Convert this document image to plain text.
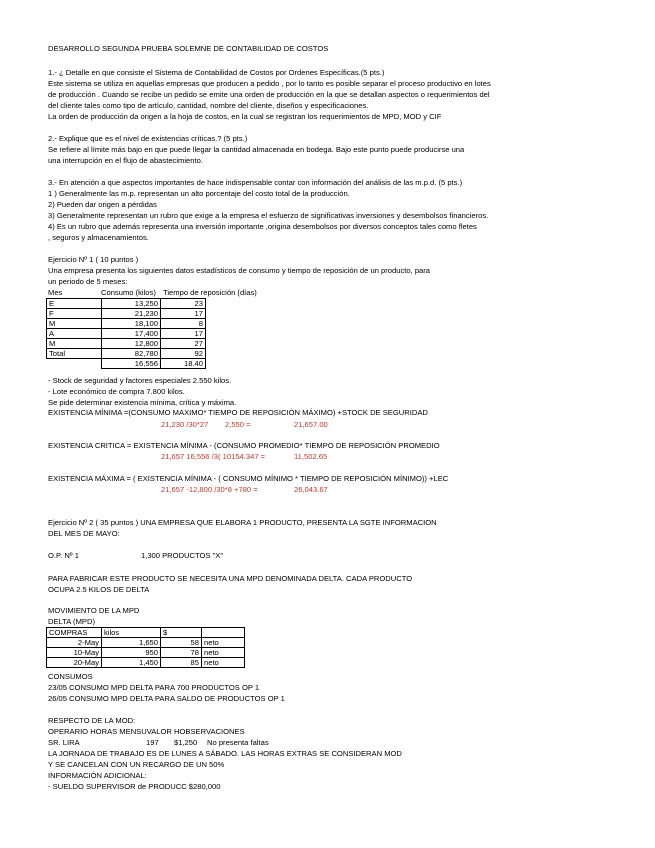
DESARROLLO SEGUNDA PRUEBA SOLEMNE DE CONTABILIDAD DE COSTOS
1.- ¿ Detalle en que consiste el Sistema de Contabilidad de Costos por Ordenes Específicas.(5 pts.)
Este sistema se utiliza en aquellas empresas que producen a pedido , por lo tanto es posible separar el proceso productivo en lotes
de producción . Cuando se recibe un pedido se emite una orden de producción en la que se detallan aspectos o requerimientos del
del cliente tales como tipo de artículo, cantidad, nombre del cliente, diseños y especificaciones.
La orden de producción da origen a la hoja de costos, en la cual se registran los requerimientos de MPD, MOD y CIF
2.- Explique que es el nivel de existencias críticas.? (5 pts.)
Se refiere al límite más bajo en que puede llegar la cantidad almacenada en bodega. Bajo este punto puede producirse una
una interrupción en el flujo de abastecimiento.
3.- En atención a que aspectos importantes de hace indispensable contar con información del análisis de las m.p.d. (5 pts.)
1 ) Generalmente las m.p. representan un alto porcentaje del costo total de la producción.
2) Pueden dar origen a pérdidas
3) Generalmente representan un rubro que exige a la empresa el esfuerzo de significativas inversiones y desembolsos financieros.
4) Es un rubro que además representa una inversión importante ,origina desembolsos por diversos conceptos tales como fletes
, seguros y almacenamientos.
Ejercicio Nº 1 ( 10 puntos )
Una empresa presenta los siguientes datos estadísticos de consumo y tiempo de reposición de un producto, para
un periodo de 5 meses:
Mes	Consumo (kilos) Tiempo de reposición (días)
E	13,250	23
F	21,230	17
M	18,100	8
A	17,400	17
M	12,800	27
Total	82,780	92
	16,556	18.40
- Stock de seguridad y factores especiales 2.550 kilos.
- Lote económico de compra 7.800 kilos.
Se pide determinar existencia mínima, crítica y máxima.
EXISTENCIA MÍNIMA =(CONSUMO MAXIMO* TIEMPO DE REPOSICIÓN MÁXIMO) +STOCK DE SEGURIDAD
21,230 /30*27 2,550 =	21,657.00
EXISTENCIA CRITICA = EXISTENCIA MÍNIMA - (CONSUMO PROMEDIO* TIEMPO DE REPOSICIÓN PROMEDIO
21,657 16,556 /3( 10154.347 =	11,502.65
EXISTENCIA MÁXIMA = ( EXISTENCIA MÍNIMA - ( CONSUMO MÍNIMO * TIEMPO DE REPOSICIÓN MÍNIMO)) +LEC
21,657 -12,800 /30*8 +780 =	26,043.67
Ejercicio Nº 2 ( 35 puntos ) UNA EMPRESA QUE ELABORA 1 PRODUCTO, PRESENTA LA SGTE INFORMACION
DEL MES DE MAYO:
O.P. Nº 1	1,300 PRODUCTOS "X"
PARA FABRICAR ESTE PRODUCTO SE NECESITA UNA MPD DENOMINADA DELTA. CADA PRODUCTO
OCUPA 2.5 KILOS DE DELTA
MOVIMIENTO DE LA MPD
DELTA (MPD)
COMPRAS	kilos	$	
2-May	1,650	58	neto
10-May	950	78	neto
20-May	1,450	85	neto
CONSUMOS
23/05 CONSUMO MPD DELTA PARA 700 PRODUCTOS OP 1
26/05 CONSUMO MPD DELTA PARA SALDO DE PRODUCTOS OP 1
RESPECTO DE LA MOD:
OPERARIO HORAS MENSUVALOR HOBSERVACIONES
SR. LIRA	197 $1,250 No presenta faltas
LA JORNADA DE TRABAJO ES DE LUNES A SÁBADO. LAS HORAS EXTRAS SE CONSIDERAN MOD
Y SE CANCELAN CON UN RECARGO DE UN 50%
INFORMACIÓN ADICIONAL:
- SUELDO SUPERVISOR de PRODUCC $280,000
